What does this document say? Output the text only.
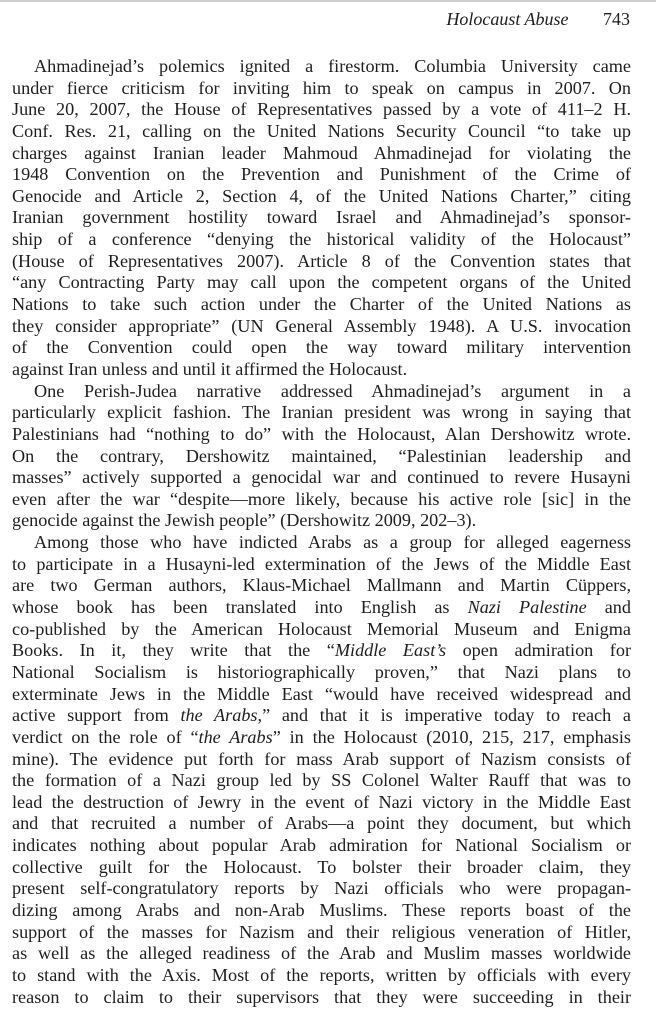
Holocaust Abuse 743
Ahmadinejad’s polemics ignited a firestorm. Columbia University came
under fierce criticism for inviting him to speak on campus in 2007. On
June 20, 2007, the House of Representatives passed by a vote of 411–2 H.
Conf. Res. 21, calling on the United Nations Security Council “to take up
charges against Iranian leader Mahmoud Ahmadinejad for violating the
1948 Convention on the Prevention and Punishment of the Crime of
Genocide and Article 2, Section 4, of the United Nations Charter,” citing
Iranian government hostility toward Israel and Ahmadinejad’s sponsor-
ship of a conference “denying the historical validity of the Holocaust”
(House of Representatives 2007). Article 8 of the Convention states that
“any Contracting Party may call upon the competent organs of the United
Nations to take such action under the Charter of the United Nations as
they consider appropriate” (UN General Assembly 1948). A U.S. invocation
of the Convention could open the way toward military intervention
against Iran unless and until it affirmed the Holocaust.
One Perish-Judea narrative addressed Ahmadinejad’s argument in a
particularly explicit fashion. The Iranian president was wrong in saying that
Palestinians had “nothing to do” with the Holocaust, Alan Dershowitz wrote.
On the contrary, Dershowitz maintained, “Palestinian leadership and
masses” actively supported a genocidal war and continued to revere Husayni
even after the war “despite—more likely, because his active role [sic] in the
genocide against the Jewish people” (Dershowitz 2009, 202–3).
Among those who have indicted Arabs as a group for alleged eagerness
to participate in a Husayni-led extermination of the Jews of the Middle East
are two German authors, Klaus-Michael Mallmann and Martin Cüppers,
whose book has been translated into English as Nazi Palestine and
co-published by the American Holocaust Memorial Museum and Enigma
Books. In it, they write that the “Middle East’s open admiration for
National Socialism is historiographically proven,” that Nazi plans to
exterminate Jews in the Middle East “would have received widespread and
active support from the Arabs,” and that it is imperative today to reach a
verdict on the role of “the Arabs” in the Holocaust (2010, 215, 217, emphasis
mine). The evidence put forth for mass Arab support of Nazism consists of
the formation of a Nazi group led by SS Colonel Walter Rauff that was to
lead the destruction of Jewry in the event of Nazi victory in the Middle East
and that recruited a number of Arabs—a point they document, but which
indicates nothing about popular Arab admiration for National Socialism or
collective guilt for the Holocaust. To bolster their broader claim, they
present self-congratulatory reports by Nazi officials who were propagan-
dizing among Arabs and non-Arab Muslims. These reports boast of the
support of the masses for Nazism and their religious veneration of Hitler,
as well as the alleged readiness of the Arab and Muslim masses worldwide
to stand with the Axis. Most of the reports, written by officials with every
reason to claim to their supervisors that they were succeeding in their
